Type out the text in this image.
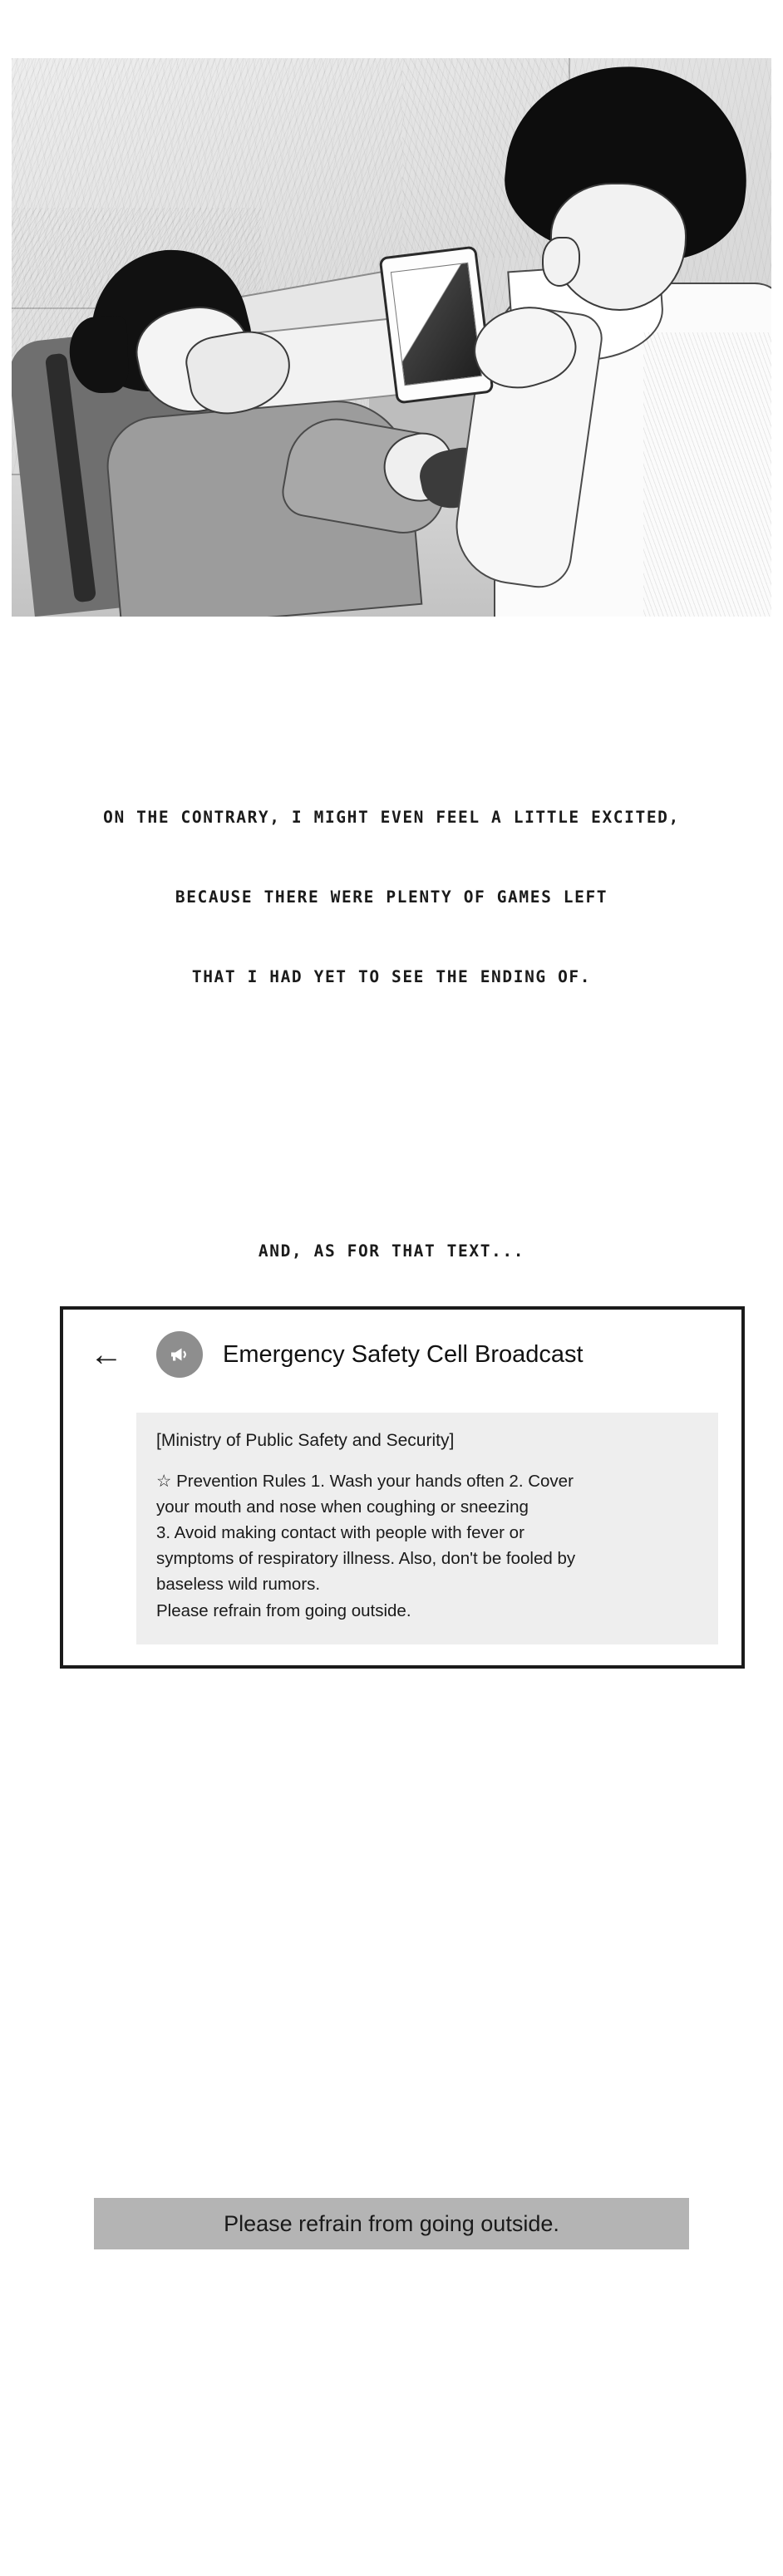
ON THE CONTRARY, I MIGHT EVEN FEEL A LITTLE EXCITED,
BECAUSE THERE WERE PLENTY OF GAMES LEFT
THAT I HAD YET TO SEE THE ENDING OF.
AND, AS FOR THAT TEXT...
←	Emergency Safety Cell Broadcast
[Ministry of Public Safety and Security]
☆ Prevention Rules 1. Wash your hands often 2. Cover
your mouth and nose when coughing or sneezing
3. Avoid making contact with people with fever or
symptoms of respiratory illness. Also, don't be fooled by
baseless wild rumors.
Please refrain from going outside.
Please refrain from going outside.
